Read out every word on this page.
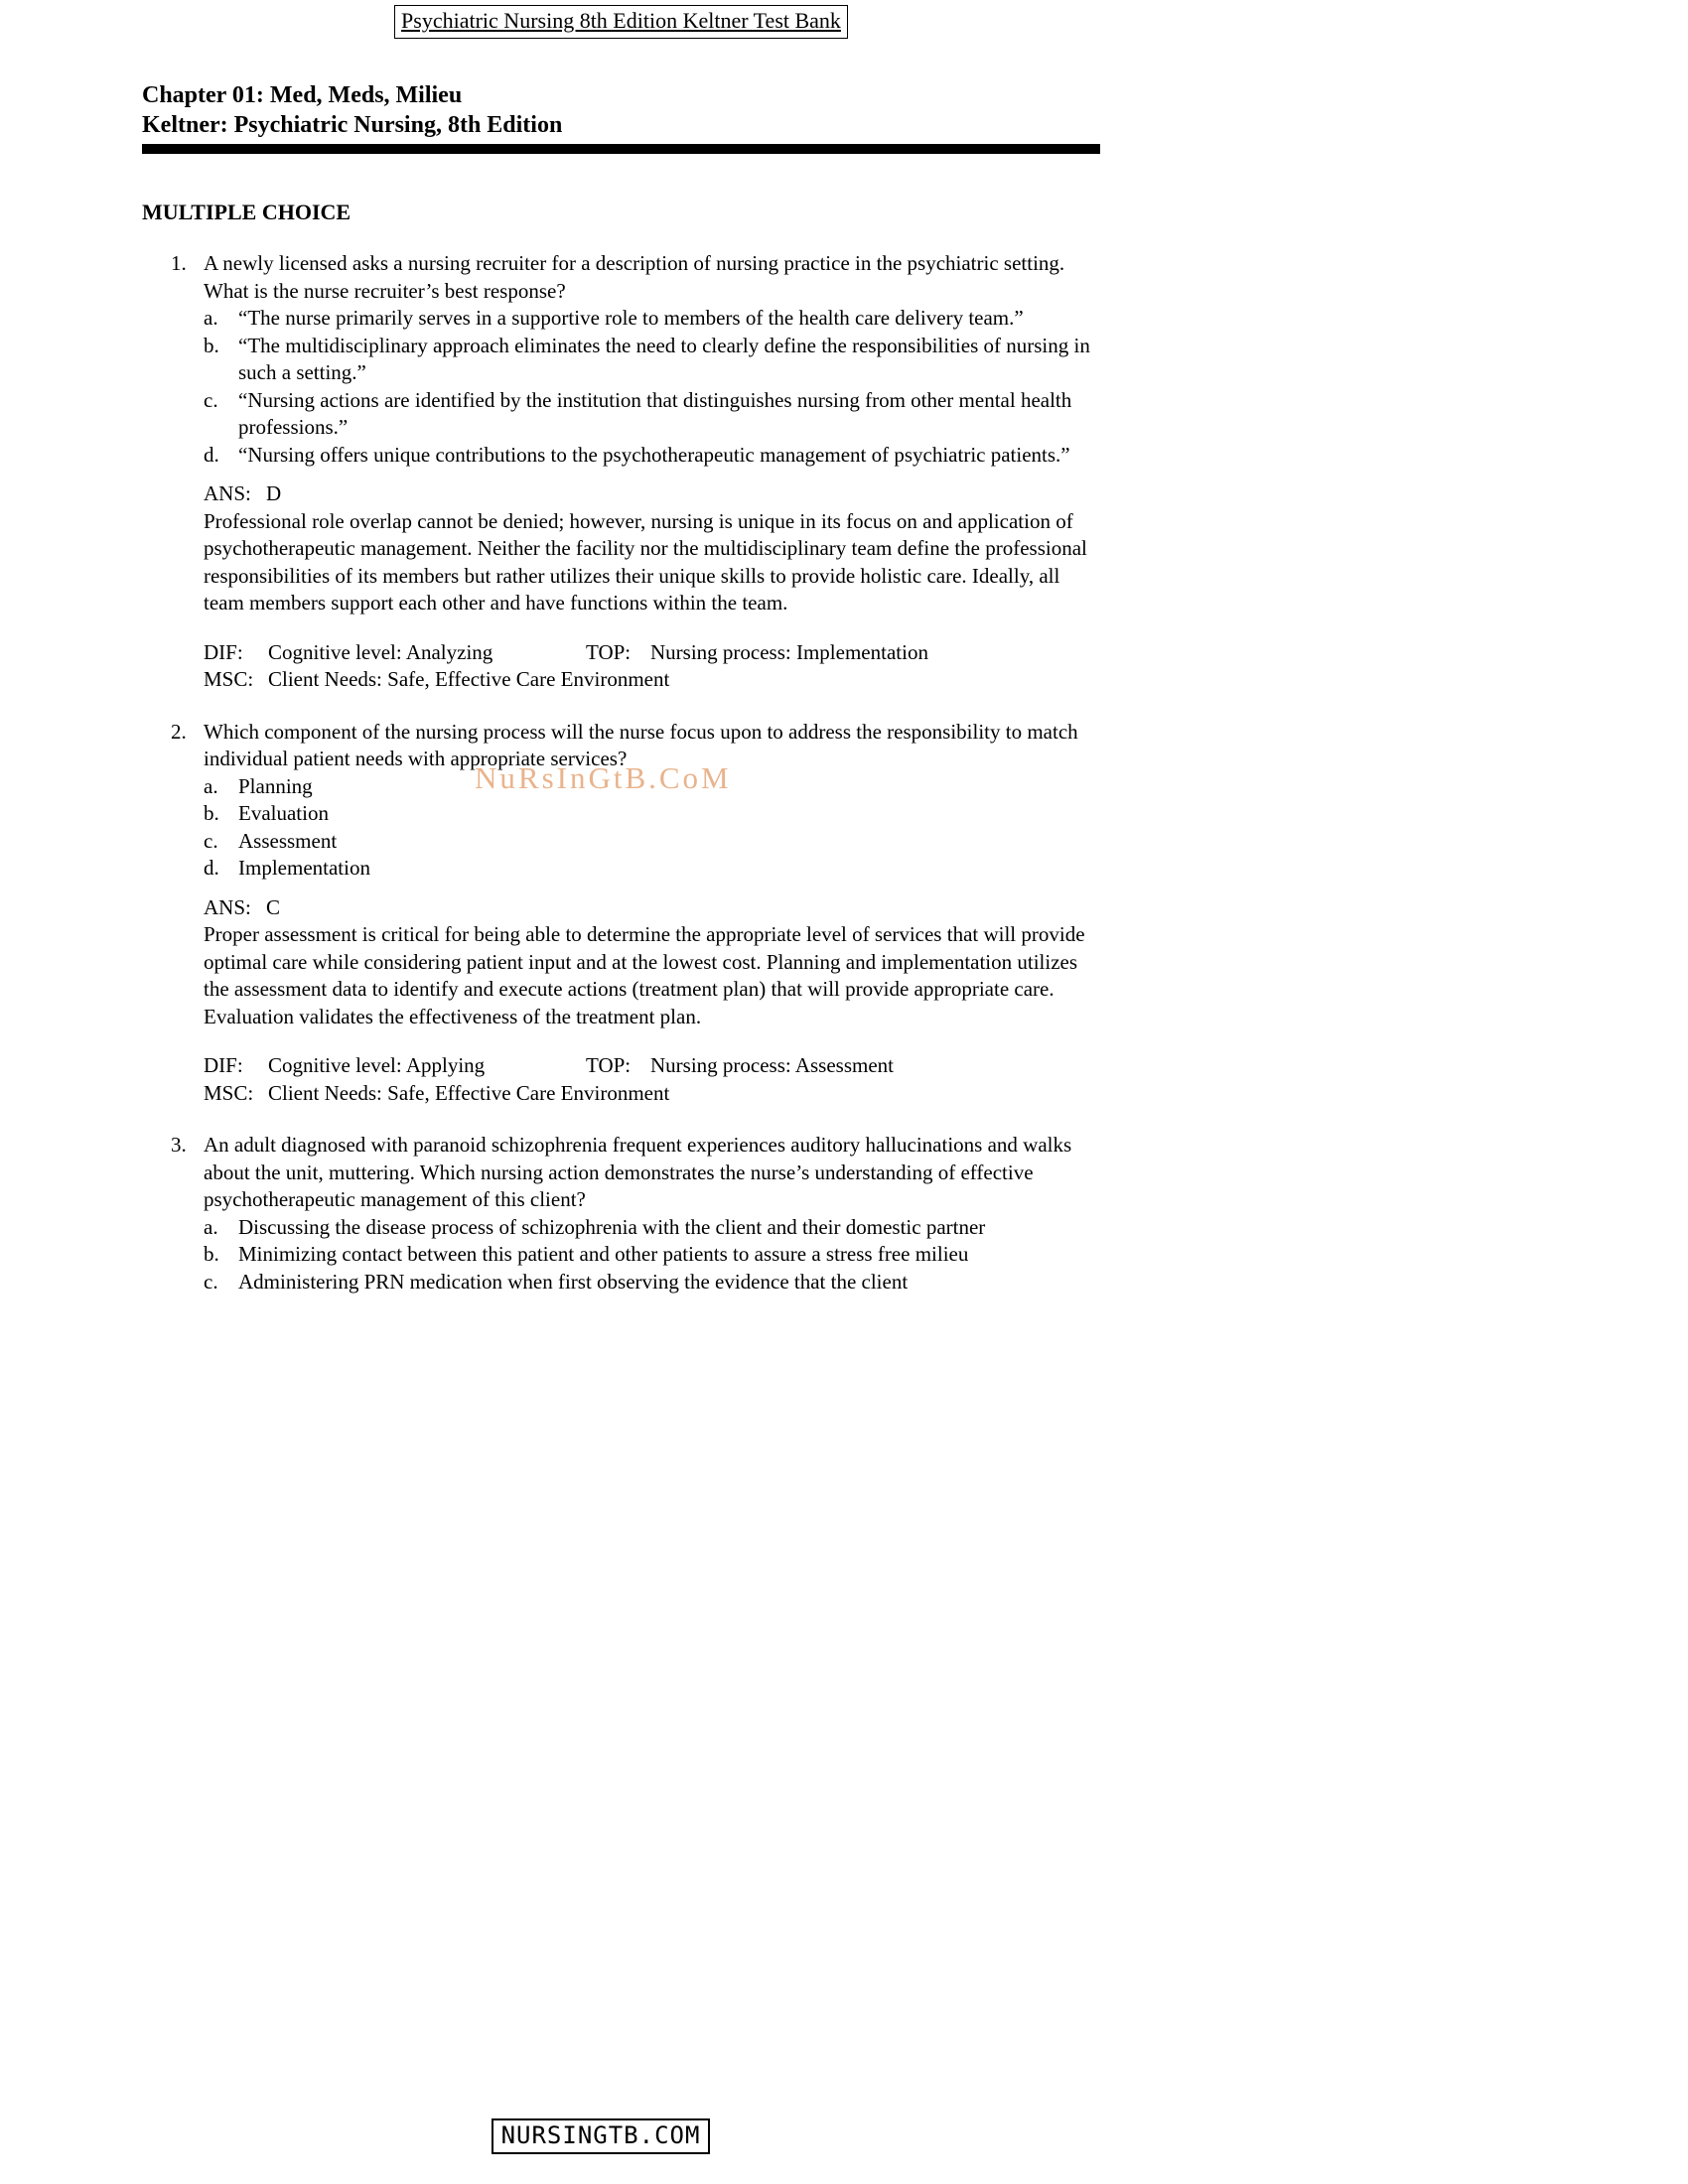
Psychiatric Nursing 8th Edition Keltner Test Bank
Chapter 01: Med, Meds, Milieu
Keltner: Psychiatric Nursing, 8th Edition
MULTIPLE CHOICE
1. A newly licensed asks a nursing recruiter for a description of nursing practice in the psychiatric setting. What is the nurse recruiter’s best response?
a. “The nurse primarily serves in a supportive role to members of the health care delivery team.”
b. “The multidisciplinary approach eliminates the need to clearly define the responsibilities of nursing in such a setting.”
c. “Nursing actions are identified by the institution that distinguishes nursing from other mental health professions.”
d. “Nursing offers unique contributions to the psychotherapeutic management of psychiatric patients.”
ANS: D
Professional role overlap cannot be denied; however, nursing is unique in its focus on and application of psychotherapeutic management. Neither the facility nor the multidisciplinary team define the professional responsibilities of its members but rather utilizes their unique skills to provide holistic care. Ideally, all team members support each other and have functions within the team.
DIF:	Cognitive level: Analyzing	TOP: Nursing process: Implementation
MSC: Client Needs: Safe, Effective Care Environment
2. Which component of the nursing process will the nurse focus upon to address the responsibility to match individual patient needs with appropriate services?
a. Planning
b. Evaluation
c. Assessment
d. Implementation
ANS: C
Proper assessment is critical for being able to determine the appropriate level of services that will provide optimal care while considering patient input and at the lowest cost. Planning and implementation utilizes the assessment data to identify and execute actions (treatment plan) that will provide appropriate care. Evaluation validates the effectiveness of the treatment plan.
DIF:	Cognitive level: Applying	TOP: Nursing process: Assessment
MSC: Client Needs: Safe, Effective Care Environment
3. An adult diagnosed with paranoid schizophrenia frequent experiences auditory hallucinations and walks about the unit, muttering. Which nursing action demonstrates the nurse’s understanding of effective psychotherapeutic management of this client?
a. Discussing the disease process of schizophrenia with the client and their domestic partner
b. Minimizing contact between this patient and other patients to assure a stress free milieu
c. Administering PRN medication when first observing the evidence that the client
NuRsInGtB.CoM
NURSINGTB.COM
